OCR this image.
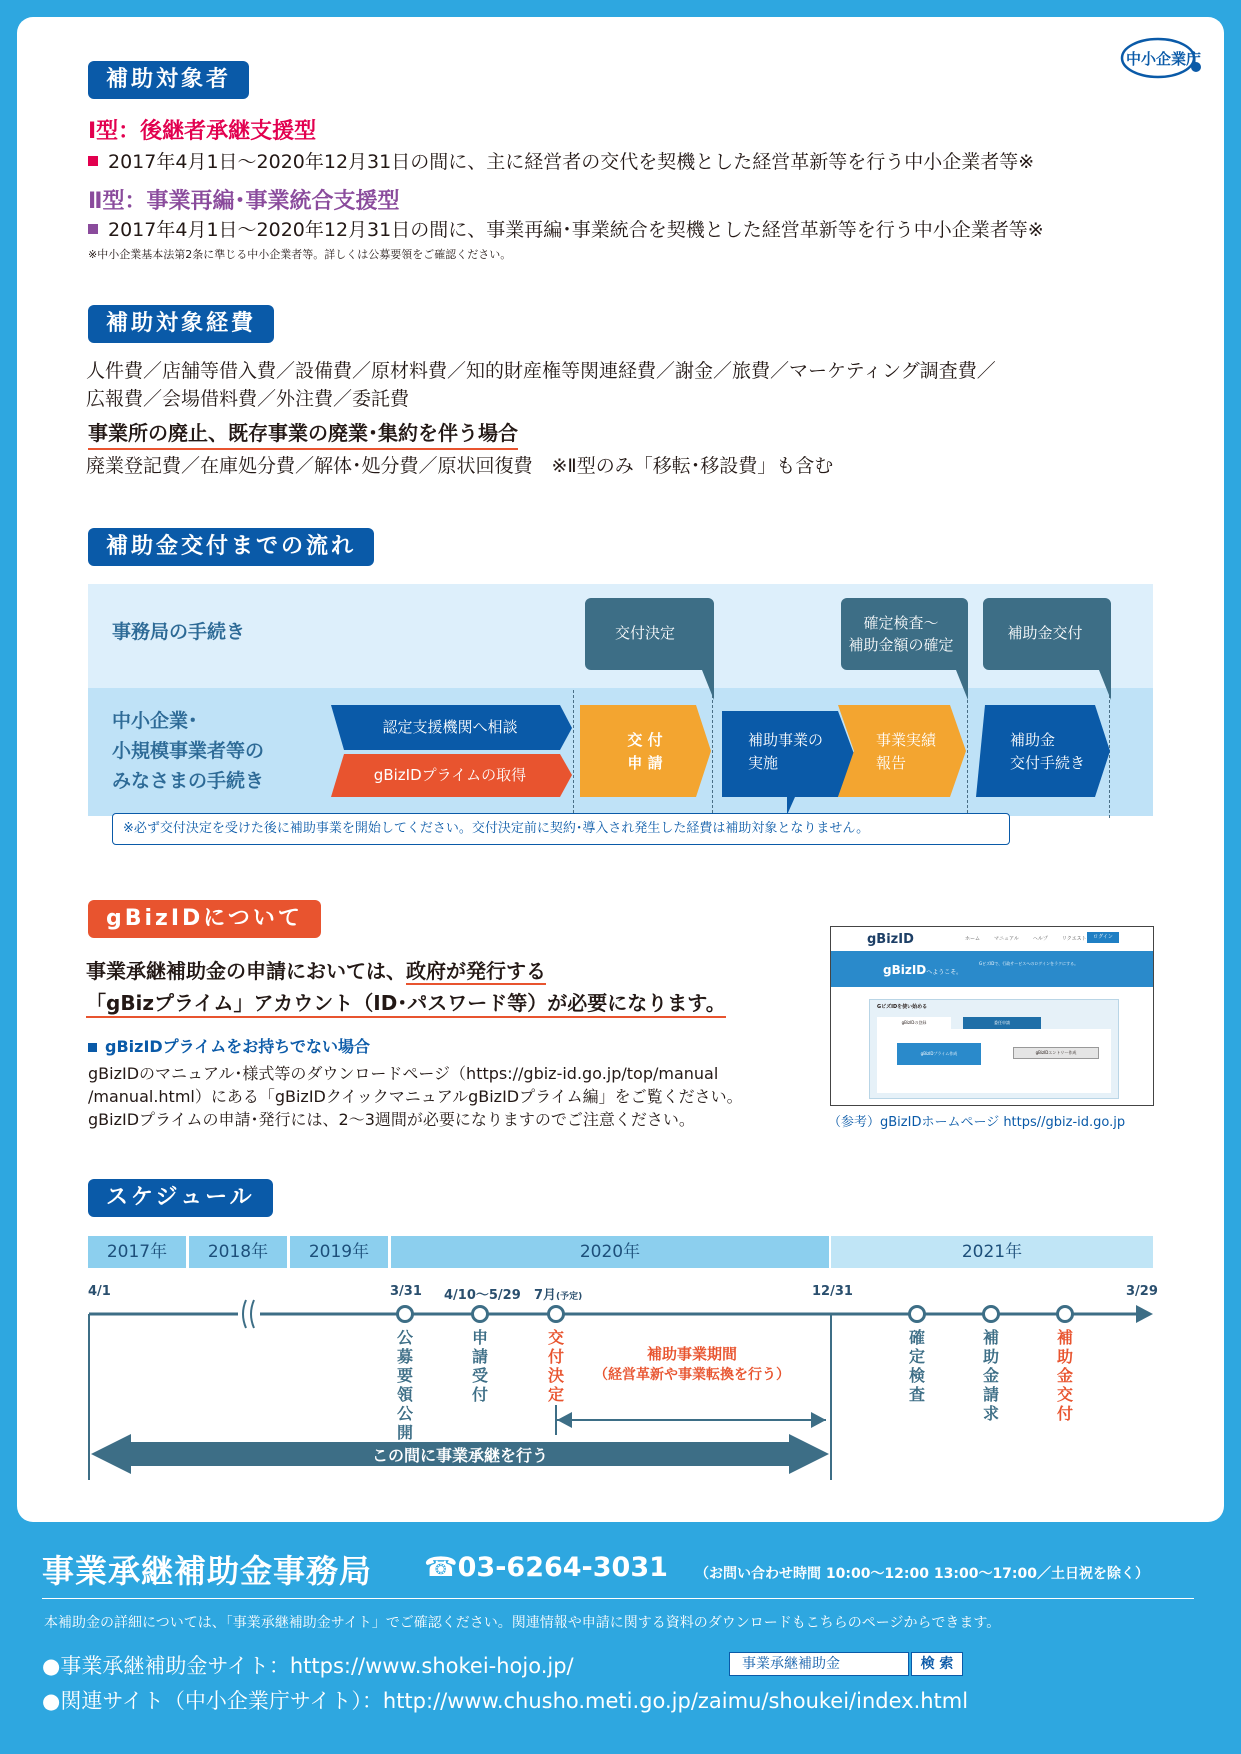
中小企業庁
補助対象者
Ⅰ型：後継者承継支援型
2017年4月1日〜2020年12月31日の間に、主に経営者の交代を契機とした経営革新等を行う中小企業者等※
Ⅱ型：事業再編･事業統合支援型
2017年4月1日〜2020年12月31日の間に、事業再編･事業統合を契機とした経営革新等を行う中小企業者等※
※中小企業基本法第2条に準じる中小企業者等。詳しくは公募要領をご確認ください。
補助対象経費
人件費／店舗等借入費／設備費／原材料費／知的財産権等関連経費／謝金／旅費／マーケティング調査費／
広報費／会場借料費／外注費／委託費
事業所の廃止、既存事業の廃業･集約を伴う場合
廃業登記費／在庫処分費／解体･処分費／原状回復費　※Ⅱ型のみ「移転･移設費」も含む
補助金交付までの流れ
事務局の手続き
中小企業･
小規模事業者等の
みなさまの手続き
交付決定
確定検査〜
補助金額の確定
補助金交付
認定支援機関へ相談
gBizIDプライムの取得
交 付
申 請
補助事業の
実施
事業実績
報告
補助金
交付手続き
※必ず交付決定を受けた後に補助事業を開始してください。交付決定前に契約･導入され発生した経費は補助対象となりません。
gBizIDについて
事業承継補助金の申請においては、政府が発行する
「gBizプライム」アカウント（ID･パスワード等）が必要になります。
gBizIDプライムをお持ちでない場合
gBizIDのマニュアル･様式等のダウンロードページ（https://gbiz-id.go.jp/top/manual
/manual.html）にある「gBizIDクイックマニュアルgBizIDプライム編」をご覧ください。
gBizIDプライムの申請･発行には、2〜3週間が必要になりますのでご注意ください。
gBizID	ホーム	マニュアル	ヘルプ	リクエスト	ログイン
gBizIDへようこそ。
GビズIDで、行政サービスへのログインをラクにする。
GビズIDを使い始める
gBizIDの登録	委任申請
gBizIDプライム作成	gBizIDエントリー作成
（参考）gBizIDホームページ https//gbiz-id.go.jp
スケジュール
2017年	2018年	2019年	2020年	2021年
4/1	3/31 4/10〜5/29 7月(予定)	12/31	3/29
公募要領公開
申請受付
交付決定
確定検査
補助金請求
補助金交付
補助事業期間
（経営革新や事業転換を行う）
この間に事業承継を行う
事業承継補助金事務局 ☎03-6264-3031 （お問い合わせ時間 10:00〜12:00 13:00〜17:00／土日祝を除く）
本補助金の詳細については、「事業承継補助金サイト」でご確認ください。関連情報や申請に関する資料のダウンロードもこちらのページからできます。
●事業承継補助金サイト：https://www.shokei-hojo.jp/	事業承継補助金	検 索
●関連サイト（中小企業庁サイト）：http://www.chusho.meti.go.jp/zaimu/shoukei/index.html
